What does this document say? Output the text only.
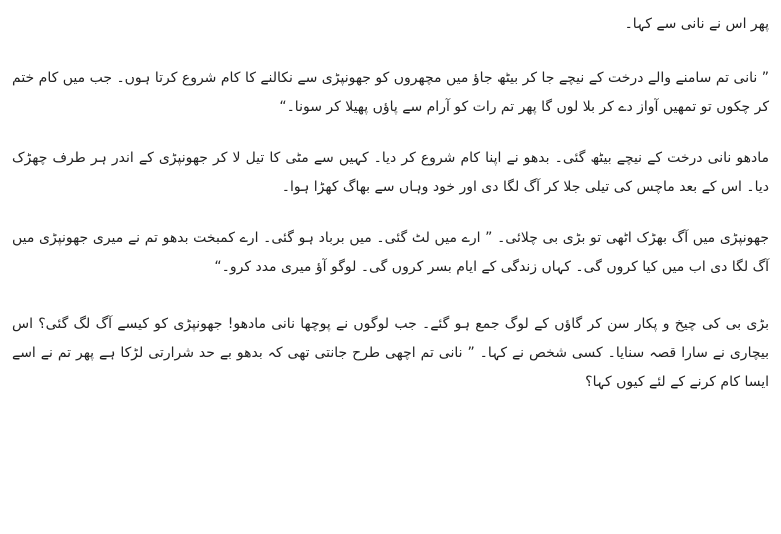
پھر اس نے نانی سے کہا۔

” نانی تم سامنے والے درخت کے نیچے جا کر بیٹھ جاؤ میں مچھروں کو جھونپڑی سے نکالنے کا کام شروع کرتا ہوں۔ جب میں کام ختم کر چکوں تو تمھیں آواز دے کر بلا لوں گا پھر تم رات کو آرام سے پاؤں پھیلا کر سونا۔“

مادھو نانی درخت کے نیچے بیٹھ گئی۔ بدھو نے اپنا کام شروع کر دیا۔ کہیں سے مٹی کا تیل لا کر جھونپڑی کے اندر ہر طرف چھڑک دیا۔ اس کے بعد ماچس کی تیلی جلا کر آگ لگا دی اور خود وہاں سے بھاگ کھڑا ہوا۔

جھونپڑی میں آگ بھڑک اٹھی تو بڑی بی چلائی۔ ” ارے میں لٹ گئی۔ میں برباد ہو گئی۔ ارے کمبخت بدھو تم نے میری جھونپڑی میں آگ لگا دی اب میں کیا کروں گی۔ کہاں زندگی کے ایام بسر کروں گی۔ لوگو آؤ میری مدد کرو۔“

بڑی بی کی چیخ و پکار سن کر گاؤں کے لوگ جمع ہو گئے۔ جب لوگوں نے پوچھا نانی مادھو! جھونپڑی کو کیسے آگ لگ گئی؟ اس بیچاری نے سارا قصہ سنایا۔ کسی شخص نے کہا۔ ” نانی تم اچھی طرح جانتی تھی کہ بدھو بے حد شرارتی لڑکا ہے پھر تم نے اسے ایسا کام کرنے کے لئے کیوں کہا؟
